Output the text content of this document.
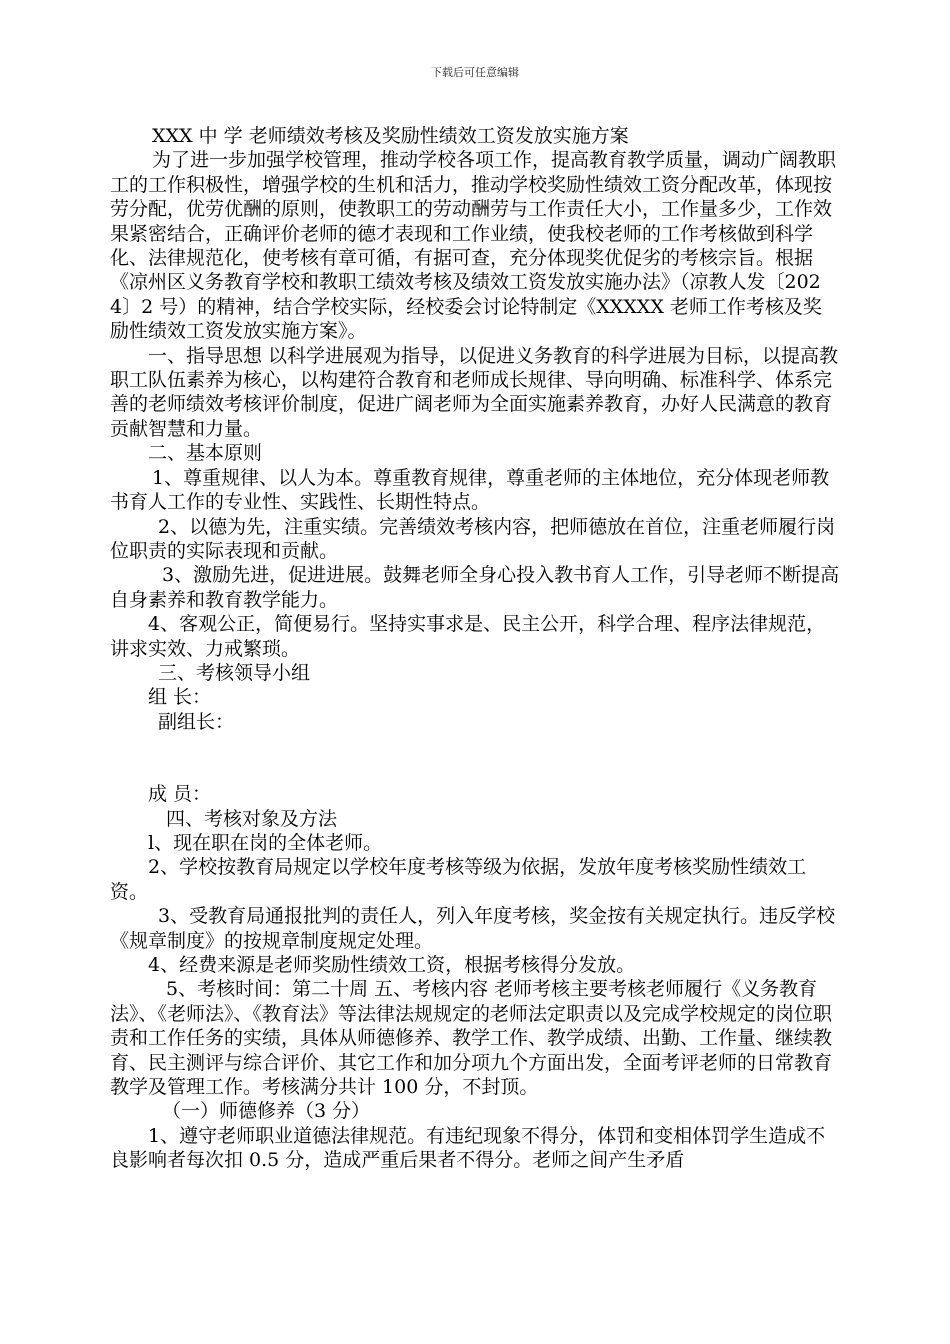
下载后可任意编辑

XXX 中 学 老师绩效考核及奖励性绩效工资发放实施方案

为了进一步加强学校管理，推动学校各项工作，提高教育教学质量，调动广阔教职工的工作积极性，增强学校的生机和活力，推动学校奖励性绩效工资分配改革，体现按劳分配，优劳优酬的原则，使教职工的劳动酬劳与工作责任大小，工作量多少，工作效果紧密结合，正确评价老师的德才表现和工作业绩，使我校老师的工作考核做到科学化、法律规范化，使考核有章可循，有据可查，充分体现奖优促劣的考核宗旨。根据《凉州区义务教育学校和教职工绩效考核及绩效工资发放实施办法》（凉教人发〔2024〕2 号）的精神，结合学校实际，经校委会讨论特制定《XXXXX 老师工作考核及奖励性绩效工资发放实施方案》。

一、指导思想 以科学进展观为指导，以促进义务教育的科学进展为目标，以提高教职工队伍素养为核心，以构建符合教育和老师成长规律、导向明确、标准科学、体系完善的老师绩效考核评价制度，促进广阔老师为全面实施素养教育，办好人民满意的教育贡献智慧和力量。

二、基本原则

1、尊重规律、以人为本。尊重教育规律，尊重老师的主体地位，充分体现老师教书育人工作的专业性、实践性、长期性特点。

2、以德为先，注重实绩。完善绩效考核内容，把师德放在首位，注重老师履行岗位职责的实际表现和贡献。

3、激励先进，促进进展。鼓舞老师全身心投入教书育人工作，引导老师不断提高自身素养和教育教学能力。

4、客观公正，简便易行。坚持实事求是、民主公开，科学合理、程序法律规范，讲求实效、力戒繁琐。

三、考核领导小组

组 长：

副组长：

成 员：

四、考核对象及方法

l、现在职在岗的全体老师。

2、学校按教育局规定以学校年度考核等级为依据，发放年度考核奖励性绩效工资。

3、受教育局通报批判的责任人，列入年度考核，奖金按有关规定执行。违反学校《规章制度》的按规章制度规定处理。

4、经费来源是老师奖励性绩效工资，根据考核得分发放。

5、考核时间：第二十周 五、考核内容 老师考核主要考核老师履行《义务教育法》、《老师法》、《教育法》等法律法规规定的老师法定职责以及完成学校规定的岗位职责和工作任务的实绩，具体从师德修养、教学工作、教学成绩、出勤、工作量、继续教育、民主测评与综合评价、其它工作和加分项九个方面出发，全面考评老师的日常教育教学及管理工作。考核满分共计 100 分，不封顶。

（一）师德修养（3 分）

1、遵守老师职业道德法律规范。有违纪现象不得分，体罚和变相体罚学生造成不良影响者每次扣 0.5 分，造成严重后果者不得分。老师之间产生矛盾
